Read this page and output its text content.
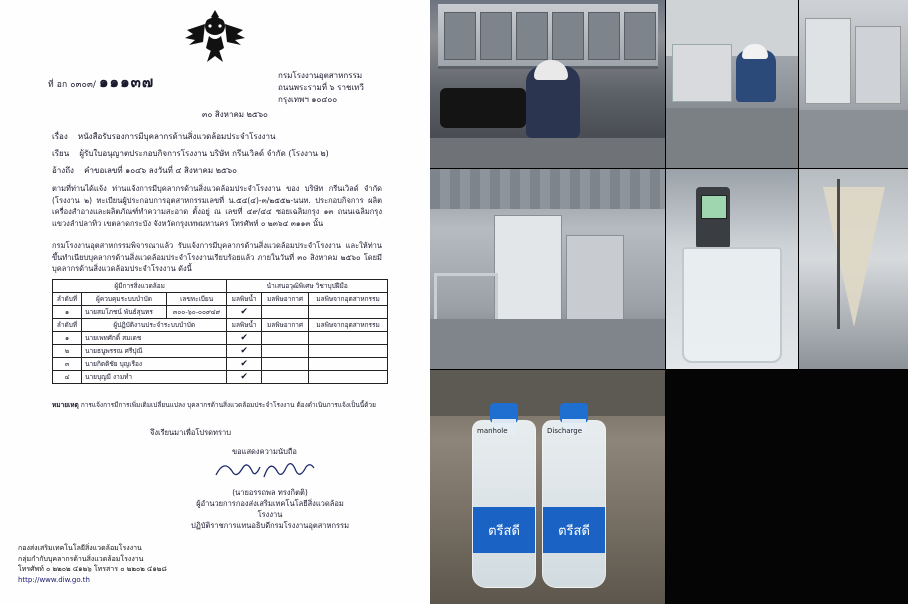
ที่ อก ๐๓๐๓/ ๑๑๑๓๗	กรมโรงงานอุตสาหกรรม
ถนนพระรามที่ ๖ ราชเทวี
กรุงเทพฯ ๑๐๔๐๐
๓๐ สิงหาคม ๒๕๖๐
เรื่อง หนังสือรับรองการมีบุคลากรด้านสิ่งแวดล้อมประจำโรงงาน
เรียน ผู้รับใบอนุญาตประกอบกิจการโรงงาน บริษัท กรีนเวิลด์ จำกัด (โรงงาน ๒)
อ้างถึง คำขอเลขที่ ๑๐๔๖ ลงวันที่ ๔ สิงหาคม ๒๕๖๐
ตามที่ท่านได้แจ้ง ท่านแจ้งการมีบุคลากรด้านสิ่งแวดล้อมประจำโรงงาน ของ บริษัท กรีนเวิลด์ จำกัด (โรงงาน ๒) ทะเบียนผู้ประกอบการอุตสาหกรรมเลขที่ น.๕๔(๔)-๓/๒๕๕๒-นนท. ประกอบกิจการ ผลิตเครื่องสำอางและผลิตภัณฑ์ทำความสะอาด ตั้งอยู่ ณ เลขที่ ๔๙/๔๔ ซอยเฉลิมกรุง ๑๓ ถนนเฉลิมกรุง แขวงลำปลาทิว เขตลาดกระบัง จังหวัดกรุงเทพมหานคร โทรศัพท์ ๐ ๒๓๖๔ ๓๑๑๓ นั้น
กรมโรงงานอุตสาหกรรมพิจารณาแล้ว รับแจ้งการมีบุคลากรด้านสิ่งแวดล้อมประจำโรงงาน และให้ท่านขึ้นทำเนียบบุคลากรด้านสิ่งแวดล้อมประจำโรงงานเรียบร้อยแล้ว ภายในวันที่ ๓๐ สิงหาคม ๒๕๖๐ โดยมีบุคลากรด้านสิ่งแวดล้อมประจำโรงงาน ดังนี้
ผู้มีการสิ่งแวดล้อม			นำเสนอวุฒิพิเศษ วิชาบุปฝีมือ		
ลำดับที่	ผู้ควบคุมระบบบำบัด	เลขทะเบียน	มลพิษน้ำ	มลพิษอากาศ	มลพิษจากอุตสาหกรรม
๑	นายสมโภชน์ พันธ์สุนทร	๓๐๐-๖๐-๐๐๙๔๙	✔		
ลำดับที่	ผู้ปฏิบัติงานประจำระบบบำบัด		มลพิษน้ำ	มลพิษอากาศ	มลพิษจากอุตสาหกรรม
๑	นายเพทศักดิ์ สมเดช		✔		
๒	นายธนูพรรณ ศรีปุณี		✔		
๓	นายกิตติชัย บุญเรือง		✔		
๔	นายบุญมี งามทำ		✔		
หมายเหตุ การแจ้งการมีการเพิ่มเติมเปลี่ยนแปลง บุคลากรด้านสิ่งแวดล้อมประจำโรงงาน ต้องดำเนินการแจ้งเป็นนี้ด้วย
จึงเรียนมาเพื่อโปรดทราบ
ขอแสดงความนับถือ
(นายอรรถพล ทรงกิตติ)
ผู้อำนวยการกองส่งเสริมเทคโนโลยีสิ่งแวดล้อมโรงงาน
ปฏิบัติราชการแทนอธิบดีกรมโรงงานอุตสาหกรรม
กองส่งเสริมเทคโนโลยีสิ่งแวดล้อมโรงงาน
กลุ่มกำกับบุคลากรด้านสิ่งแวดล้อมโรงงาน
โทรศัพท์ ๐ ๒๒๐๒ ๔๑๒๖ โทรสาร ๐ ๒๒๐๒ ๔๑๒๘
http://www.diw.go.th
manhole
ตรีสดี
Discharge
ตรีสดี
